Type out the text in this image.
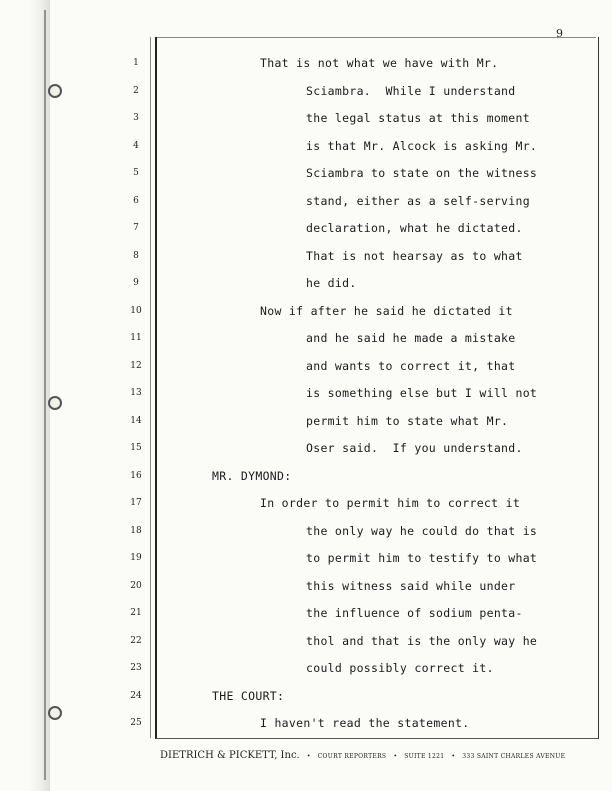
9
1	That is not what we have with Mr.
2	Sciambra.  While I understand
3	the legal status at this moment
4	is that Mr. Alcock is asking Mr.
5	Sciambra to state on the witness
6	stand, either as a self-serving
7	declaration, what he dictated.
8	That is not hearsay as to what
9	he did.
10	Now if after he said he dictated it
11	and he said he made a mistake
12	and wants to correct it, that
13	is something else but I will not
14	permit him to state what Mr.
15	Oser said.  If you understand.
16	MR. DYMOND:
17	In order to permit him to correct it
18	the only way he could do that is
19	to permit him to testify to what
20	this witness said while under
21	the influence of sodium penta-
22	thol and that is the only way he
23	could possibly correct it.
24	THE COURT:
25	I haven't read the statement.
DIETRICH & PICKETT, Inc. • COURT REPORTERS • SUITE 1221 • 333 SAINT CHARLES AVENUE
